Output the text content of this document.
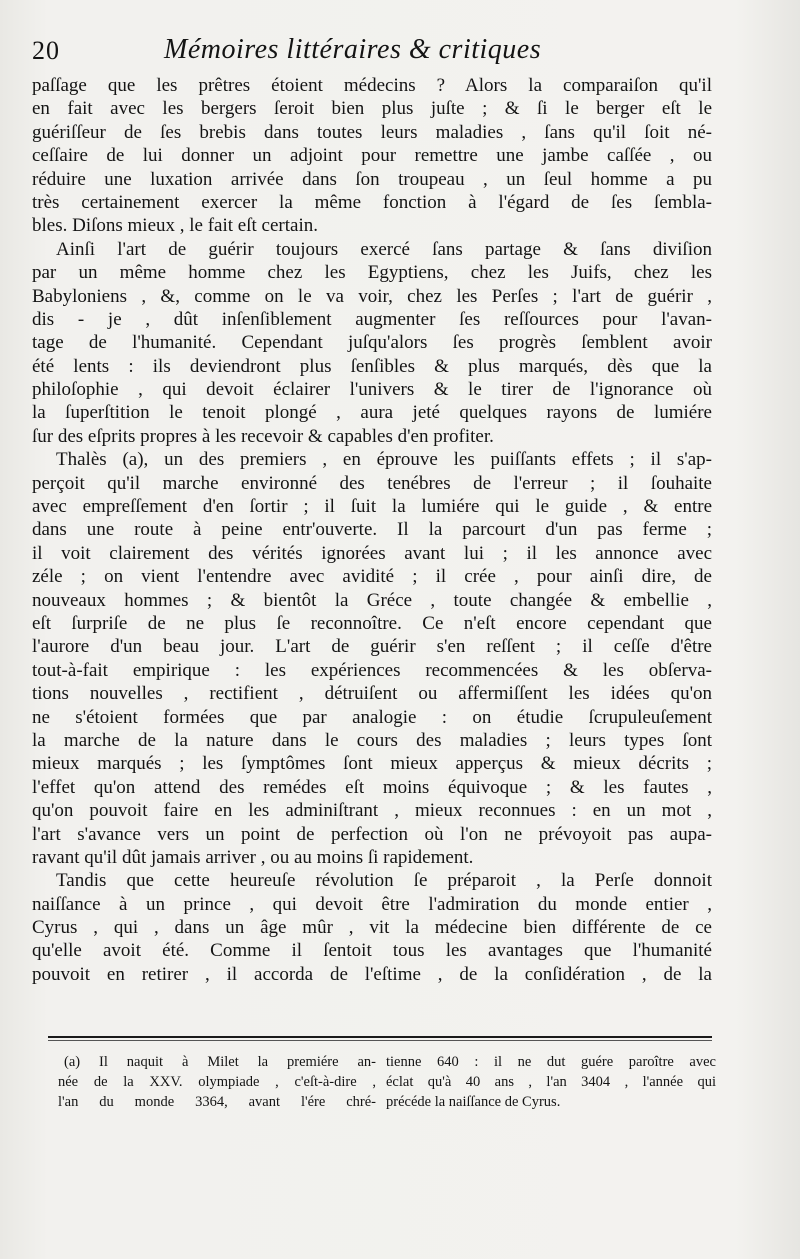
20	Mémoires littéraires & critiques
paſſage que les prêtres étoient médecins ? Alors la comparaiſon qu'il
en fait avec les bergers ſeroit bien plus juſte ; & ſi le berger eſt le
guériſſeur de ſes brebis dans toutes leurs maladies , ſans qu'il ſoit né-
ceſſaire de lui donner un adjoint pour remettre une jambe caſſée , ou
réduire une luxation arrivée dans ſon troupeau , un ſeul homme a pu
très certainement exercer la même fonction à l'égard de ſes ſembla-
bles. Diſons mieux , le fait eſt certain.
Ainſi l'art de guérir toujours exercé ſans partage & ſans diviſion
par un même homme chez les Egyptiens, chez les Juifs, chez les
Babyloniens , &, comme on le va voir, chez les Perſes ; l'art de guérir ,
dis - je , dût inſenſiblement augmenter ſes reſſources pour l'avan-
tage de l'humanité. Cependant juſqu'alors ſes progrès ſemblent avoir
été lents : ils deviendront plus ſenſibles & plus marqués, dès que la
philoſophie , qui devoit éclairer l'univers & le tirer de l'ignorance où
la ſuperſtition le tenoit plongé , aura jeté quelques rayons de lumiére
ſur des eſprits propres à les recevoir & capables d'en profiter.
Thalès (a), un des premiers , en éprouve les puiſſants effets ; il s'ap-
perçoit qu'il marche environné des tenébres de l'erreur ; il ſouhaite
avec empreſſement d'en ſortir ; il ſuit la lumiére qui le guide , & entre
dans une route à peine entr'ouverte. Il la parcourt d'un pas ferme ;
il voit clairement des vérités ignorées avant lui ; il les annonce avec
zéle ; on vient l'entendre avec avidité ; il crée , pour ainſi dire, de
nouveaux hommes ; & bientôt la Gréce , toute changée & embellie ,
eſt ſurpriſe de ne plus ſe reconnoître. Ce n'eſt encore cependant que
l'aurore d'un beau jour. L'art de guérir s'en reſſent ; il ceſſe d'être
tout-à-fait empirique : les expériences recommencées & les obſerva-
tions nouvelles , rectifient , détruiſent ou affermiſſent les idées qu'on
ne s'étoient formées que par analogie : on étudie ſcrupuleuſement
la marche de la nature dans le cours des maladies ; leurs types ſont
mieux marqués ; les ſymptômes ſont mieux apperçus & mieux décrits ;
l'effet qu'on attend des remédes eſt moins équivoque ; & les fautes ,
qu'on pouvoit faire en les adminiſtrant , mieux reconnues : en un mot ,
l'art s'avance vers un point de perfection où l'on ne prévoyoit pas aupa-
ravant qu'il dût jamais arriver , ou au moins ſi rapidement.
Tandis que cette heureuſe révolution ſe préparoit , la Perſe donnoit
naiſſance à un prince , qui devoit être l'admiration du monde entier ,
Cyrus , qui , dans un âge mûr , vit la médecine bien différente de ce
qu'elle avoit été. Comme il ſentoit tous les avantages que l'humanité
pouvoit en retirer , il accorda de l'eſtime , de la conſidération , de la
(a) Il naquit à Milet la premiére an-
née de la XXV. olympiade , c'eſt-à-dire ,
l'an du monde 3364, avant l'ére chré-
tienne 640 : il ne dut guére paroître avec
éclat qu'à 40 ans , l'an 3404 , l'année qui
précéde la naiſſance de Cyrus.
